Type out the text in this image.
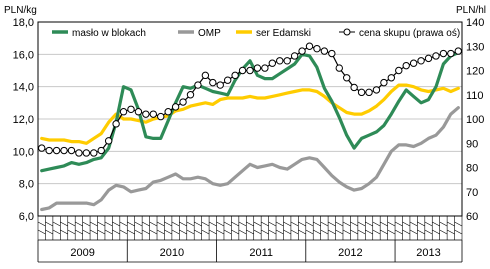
PLN/kg	PLN/hl
masło w blokach	OMP	ser Edamski	cena skupu (prawa oś)
6,0
8,0
10,0
12,0
14,0
16,0
18,0
60
70
80
90
100
110
120
130
140
2009	2010	2011	2012	2013
